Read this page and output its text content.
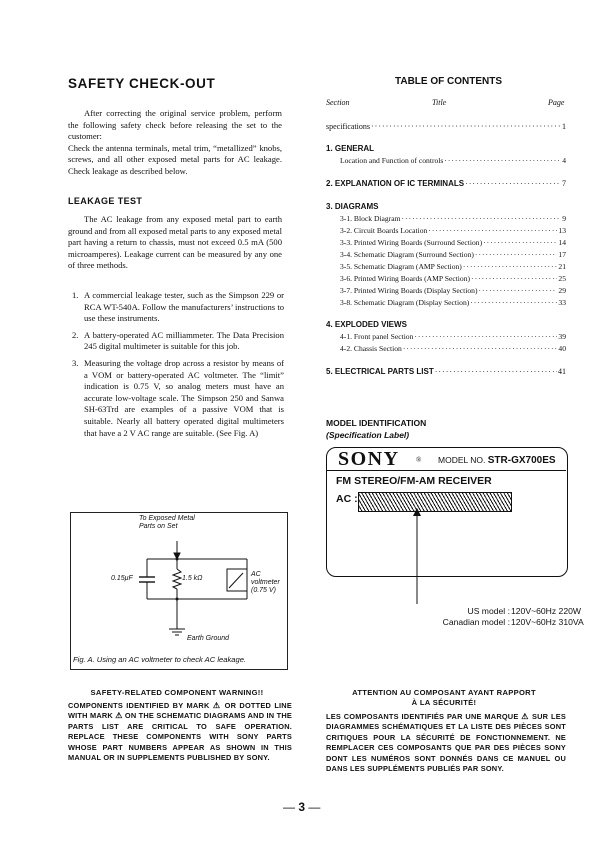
SAFETY CHECK-OUT

After correcting the original service problem, perform the following safety check before releasing the set to the customer:

Check the antenna terminals, metal trim, “metallized” knobs, screws, and all other exposed metal parts for AC leakage. Check leakage as described below.

LEAKAGE TEST

The AC leakage from any exposed metal part to earth ground and from all exposed metal parts to any exposed metal part having a return to chassis, must not exceed 0.5 mA (500 microamperes). Leakage current can be measured by any one of three methods.

1. A commercial leakage tester, such as the Simpson 229 or RCA WT-540A. Follow the manufacturers’ instructions to use these instruments.
2. A battery-operated AC milliammeter. The Data Precision 245 digital multimeter is suitable for this job.
3. Measuring the voltage drop across a resistor by means of a VOM or battery-operated AC voltmeter. The “limit” indication is 0.75 V, so analog meters must have an accurate low-voltage scale. The Simpson 250 and Sanwa SH-63Trd are examples of a passive VOM that is suitable. Nearly all battery operated digital multimeters that have a 2 V AC range are suitable. (See Fig. A)
To Exposed Metal
Parts on Set
0.15μF	1.5 kΩ
AC
voltmeter
(0.75 V)
Earth Ground
Fig. A. Using an AC voltmeter to check AC leakage.
TABLE OF CONTENTS
Section	Title	Page
specifications ·····	1
1. GENERAL
Location and Function of controls ·····	4
2. EXPLANATION OF IC TERMINALS ·····	7
3. DIAGRAMS
3-1. Block Diagram ·····	9
3-2. Circuit Boards Location ·····	13
3-3. Printed Wiring Boards (Surround Section) ·····	14
3-4. Schematic Diagram (Surround Section) ·····	17
3-5. Schematic Diagram (AMP Section) ·····	21
3-6. Printed Wiring Boards (AMP Section) ·····	25
3-7. Printed Wiring Boards (Display Section) ·····	29
3-8. Schematic Diagram (Display Section) ·····	33
4. EXPLODED VIEWS
4-1. Front panel Section ·····	39
4-2. Chassis Section ·····	40
5. ELECTRICAL PARTS LIST ·····	41
MODEL IDENTIFICATION
(Specification Label)
SONY ® MODEL NO. STR-GX700ES
FM STEREO/FM-AM RECEIVER
AC :
US model :
Canadian model :
120V~60Hz 220W
120V~60Hz 310VA
SAFETY-RELATED COMPONENT WARNING!!
COMPONENTS IDENTIFIED BY MARK ⚠ OR DOTTED LINE WITH MARK ⚠ ON THE SCHEMATIC DIAGRAMS AND IN THE PARTS LIST ARE CRITICAL TO SAFE OPERATION. REPLACE THESE COMPONENTS WITH SONY PARTS WHOSE PART NUMBERS APPEAR AS SHOWN IN THIS MANUAL OR IN SUPPLEMENTS PUBLISHED BY SONY.
ATTENTION AU COMPOSANT AYANT RAPPORT
À LA SÉCURITÉ!
LES COMPOSANTS IDENTIFIÉS PAR UNE MARQUE ⚠ SUR LES DIAGRAMMES SCHÉMATIQUES ET LA LISTE DES PIÈCES SONT CRITIQUES POUR LA SÉCURITÉ DE FONCTIONNEMENT. NE REMPLACER CES COMPOSANTS QUE PAR DES PIÈCES SONY DONT LES NUMÉROS SONT DONNÉS DANS CE MANUEL OU DANS LES SUPPLÉMENTS PUBLIÉS PAR SONY.
— 3 —
